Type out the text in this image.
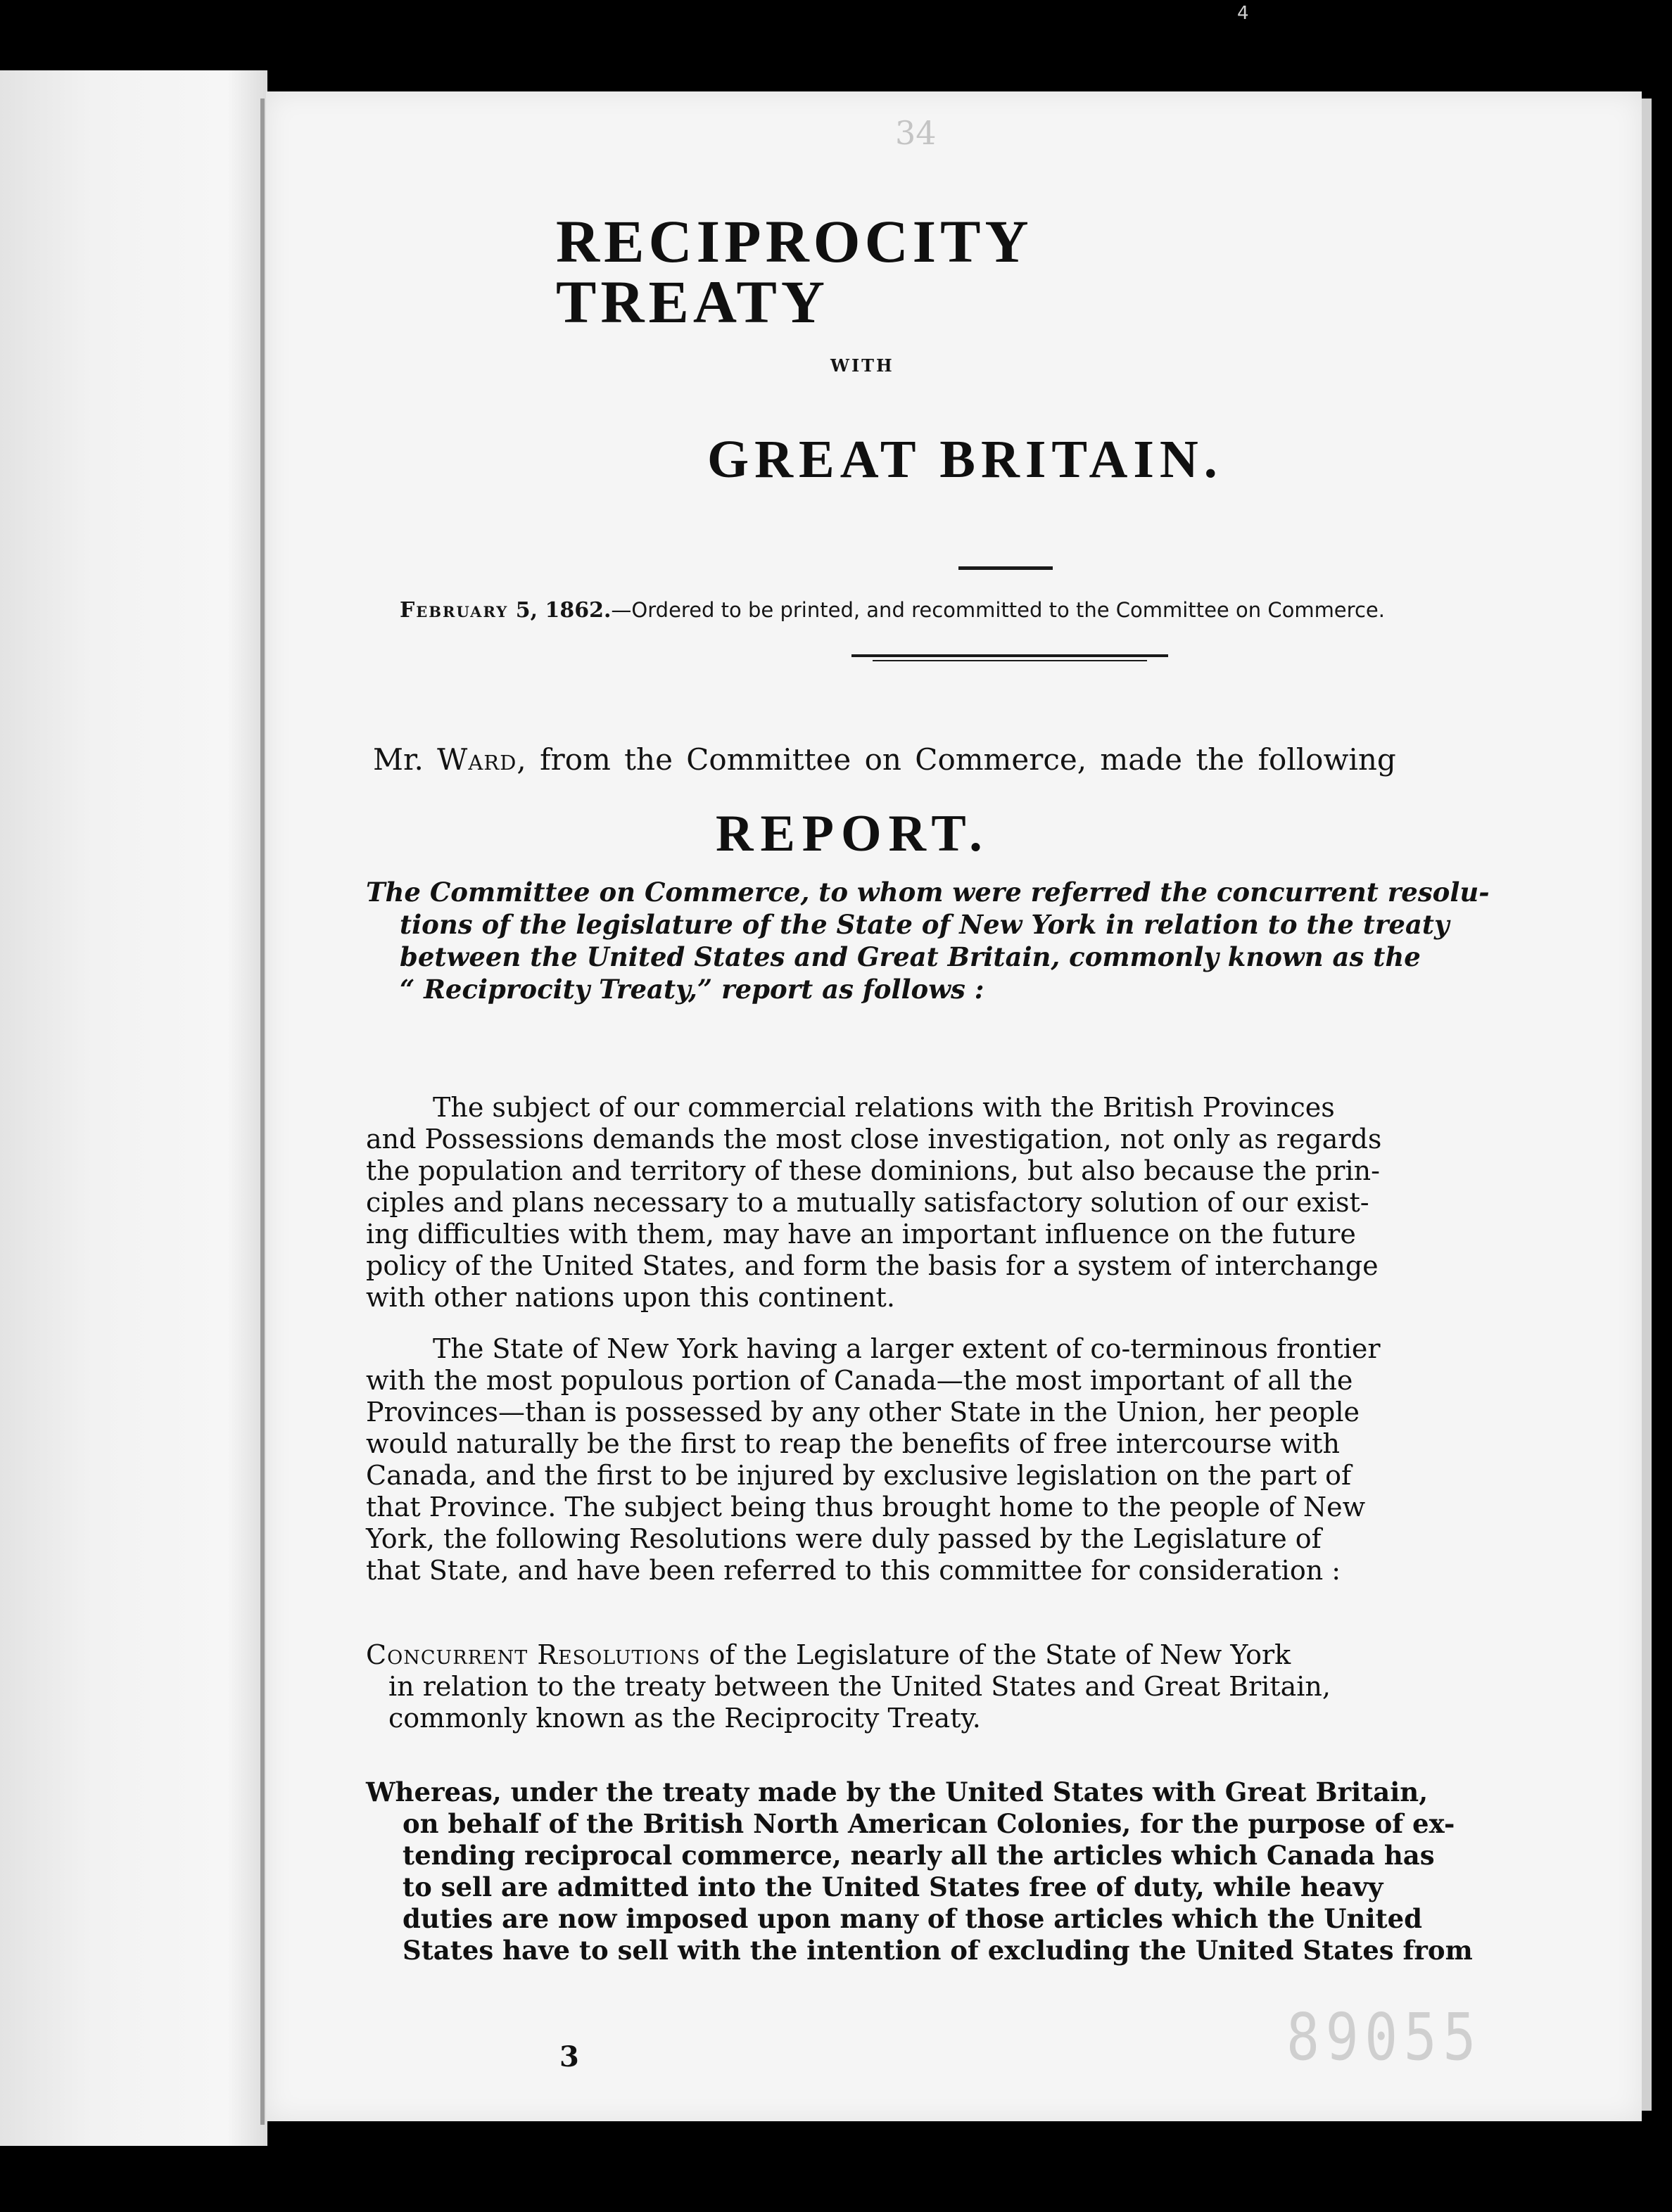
4

34

RECIPROCITY TREATY

WITH

GREAT BRITAIN.

February 5, 1862.—Ordered to be printed, and recommitted to the Committee on Commerce.

Mr. Ward, from the Committee on Commerce, made the following

REPORT.

The Committee on Commerce, to whom were referred the concurrent resolu-
tions of the legislature of the State of New York in relation to the treaty
between the United States and Great Britain, commonly known as the
“ Reciprocity Treaty,” report as follows :

The subject of our commercial relations with the British Provinces
and Possessions demands the most close investigation, not only as regards
the population and territory of these dominions, but also because the prin-
ciples and plans necessary to a mutually satisfactory solution of our exist-
ing difficulties with them, may have an important influence on the future
policy of the United States, and form the basis for a system of interchange
with other nations upon this continent.

The State of New York having a larger extent of co-terminous frontier
with the most populous portion of Canada—the most important of all the
Provinces—than is possessed by any other State in the Union, her people
would naturally be the first to reap the benefits of free intercourse with
Canada, and the first to be injured by exclusive legislation on the part of
that Province. The subject being thus brought home to the people of New
York, the following Resolutions were duly passed by the Legislature of
that State, and have been referred to this committee for consideration :

Concurrent Resolutions of the Legislature of the State of New York
in relation to the treaty between the United States and Great Britain,
commonly known as the Reciprocity Treaty.

Whereas, under the treaty made by the United States with Great Britain,
on behalf of the British North American Colonies, for the purpose of ex-
tending reciprocal commerce, nearly all the articles which Canada has
to sell are admitted into the United States free of duty, while heavy
duties are now imposed upon many of those articles which the United
States have to sell with the intention of excluding the United States from

3	89055
